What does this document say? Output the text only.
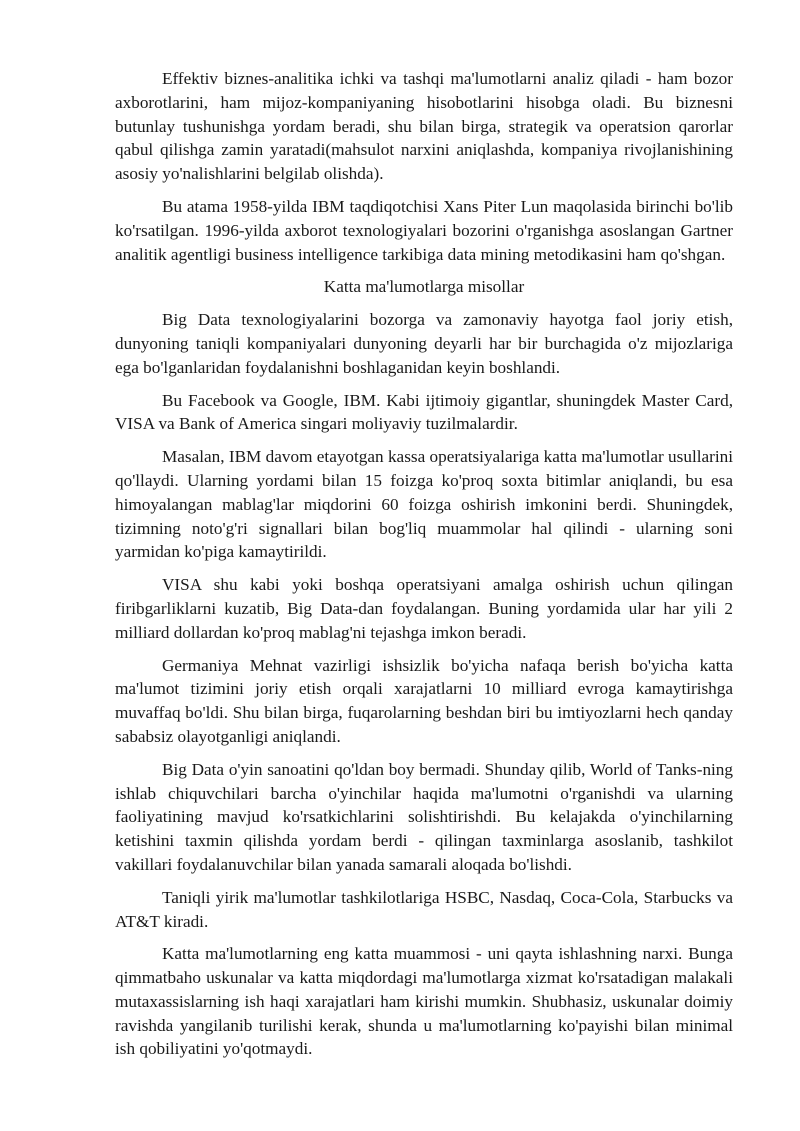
Effektiv biznes-analitika ichki va tashqi ma'lumotlarni analiz qiladi - ham bozor axborotlarini, ham mijoz-kompaniyaning hisobotlarini hisobga oladi. Bu biznesni butunlay tushunishga yordam beradi, shu bilan birga, strategik va operatsion qarorlar qabul qilishga zamin yaratadi(mahsulot narxini aniqlashda, kompaniya rivojlanishining asosiy yo'nalishlarini belgilab olishda).

Bu atama 1958-yilda IBM taqdiqotchisi Xans Piter Lun maqolasida birinchi bo'lib ko'rsatilgan. 1996-yilda axborot texnologiyalari bozorini o'rganishga asoslangan Gartner analitik agentligi business intelligence tarkibiga data mining metodikasini ham qo'shgan.

Katta ma'lumotlarga misollar

Big Data texnologiyalarini bozorga va zamonaviy hayotga faol joriy etish, dunyoning taniqli kompaniyalari dunyoning deyarli har bir burchagida o'z mijozlariga ega bo'lganlaridan foydalanishni boshlaganidan keyin boshlandi.

Bu Facebook va Google, IBM. Kabi ijtimoiy gigantlar, shuningdek Master Card, VISA va Bank of America singari moliyaviy tuzilmalardir.

Masalan, IBM davom etayotgan kassa operatsiyalariga katta ma'lumotlar usullarini qo'llaydi. Ularning yordami bilan 15 foizga ko'proq soxta bitimlar aniqlandi, bu esa himoyalangan mablag'lar miqdorini 60 foizga oshirish imkonini berdi. Shuningdek, tizimning noto'g'ri signallari bilan bog'liq muammolar hal qilindi - ularning soni yarmidan ko'piga kamaytirildi.

VISA shu kabi yoki boshqa operatsiyani amalga oshirish uchun qilingan firibgarliklarni kuzatib, Big Data-dan foydalangan. Buning yordamida ular har yili 2 milliard dollardan ko'proq mablag'ni tejashga imkon beradi.

Germaniya Mehnat vazirligi ishsizlik bo'yicha nafaqa berish bo'yicha katta ma'lumot tizimini joriy etish orqali xarajatlarni 10 milliard evroga kamaytirishga muvaffaq bo'ldi. Shu bilan birga, fuqarolarning beshdan biri bu imtiyozlarni hech qanday sababsiz olayotganligi aniqlandi.

Big Data o'yin sanoatini qo'ldan boy bermadi. Shunday qilib, World of Tanks-ning ishlab chiquvchilari barcha o'yinchilar haqida ma'lumotni o'rganishdi va ularning faoliyatining mavjud ko'rsatkichlarini solishtirishdi. Bu kelajakda o'yinchilarning ketishini taxmin qilishda yordam berdi - qilingan taxminlarga asoslanib, tashkilot vakillari foydalanuvchilar bilan yanada samarali aloqada bo'lishdi.

Taniqli yirik ma'lumotlar tashkilotlariga HSBC, Nasdaq, Coca-Cola, Starbucks va AT&T kiradi.

Katta ma'lumotlarning eng katta muammosi - uni qayta ishlashning narxi. Bunga qimmatbaho uskunalar va katta miqdordagi ma'lumotlarga xizmat ko'rsatadigan malakali mutaxassislarning ish haqi xarajatlari ham kirishi mumkin. Shubhasiz, uskunalar doimiy ravishda yangilanib turilishi kerak, shunda u ma'lumotlarning ko'payishi bilan minimal ish qobiliyatini yo'qotmaydi.
